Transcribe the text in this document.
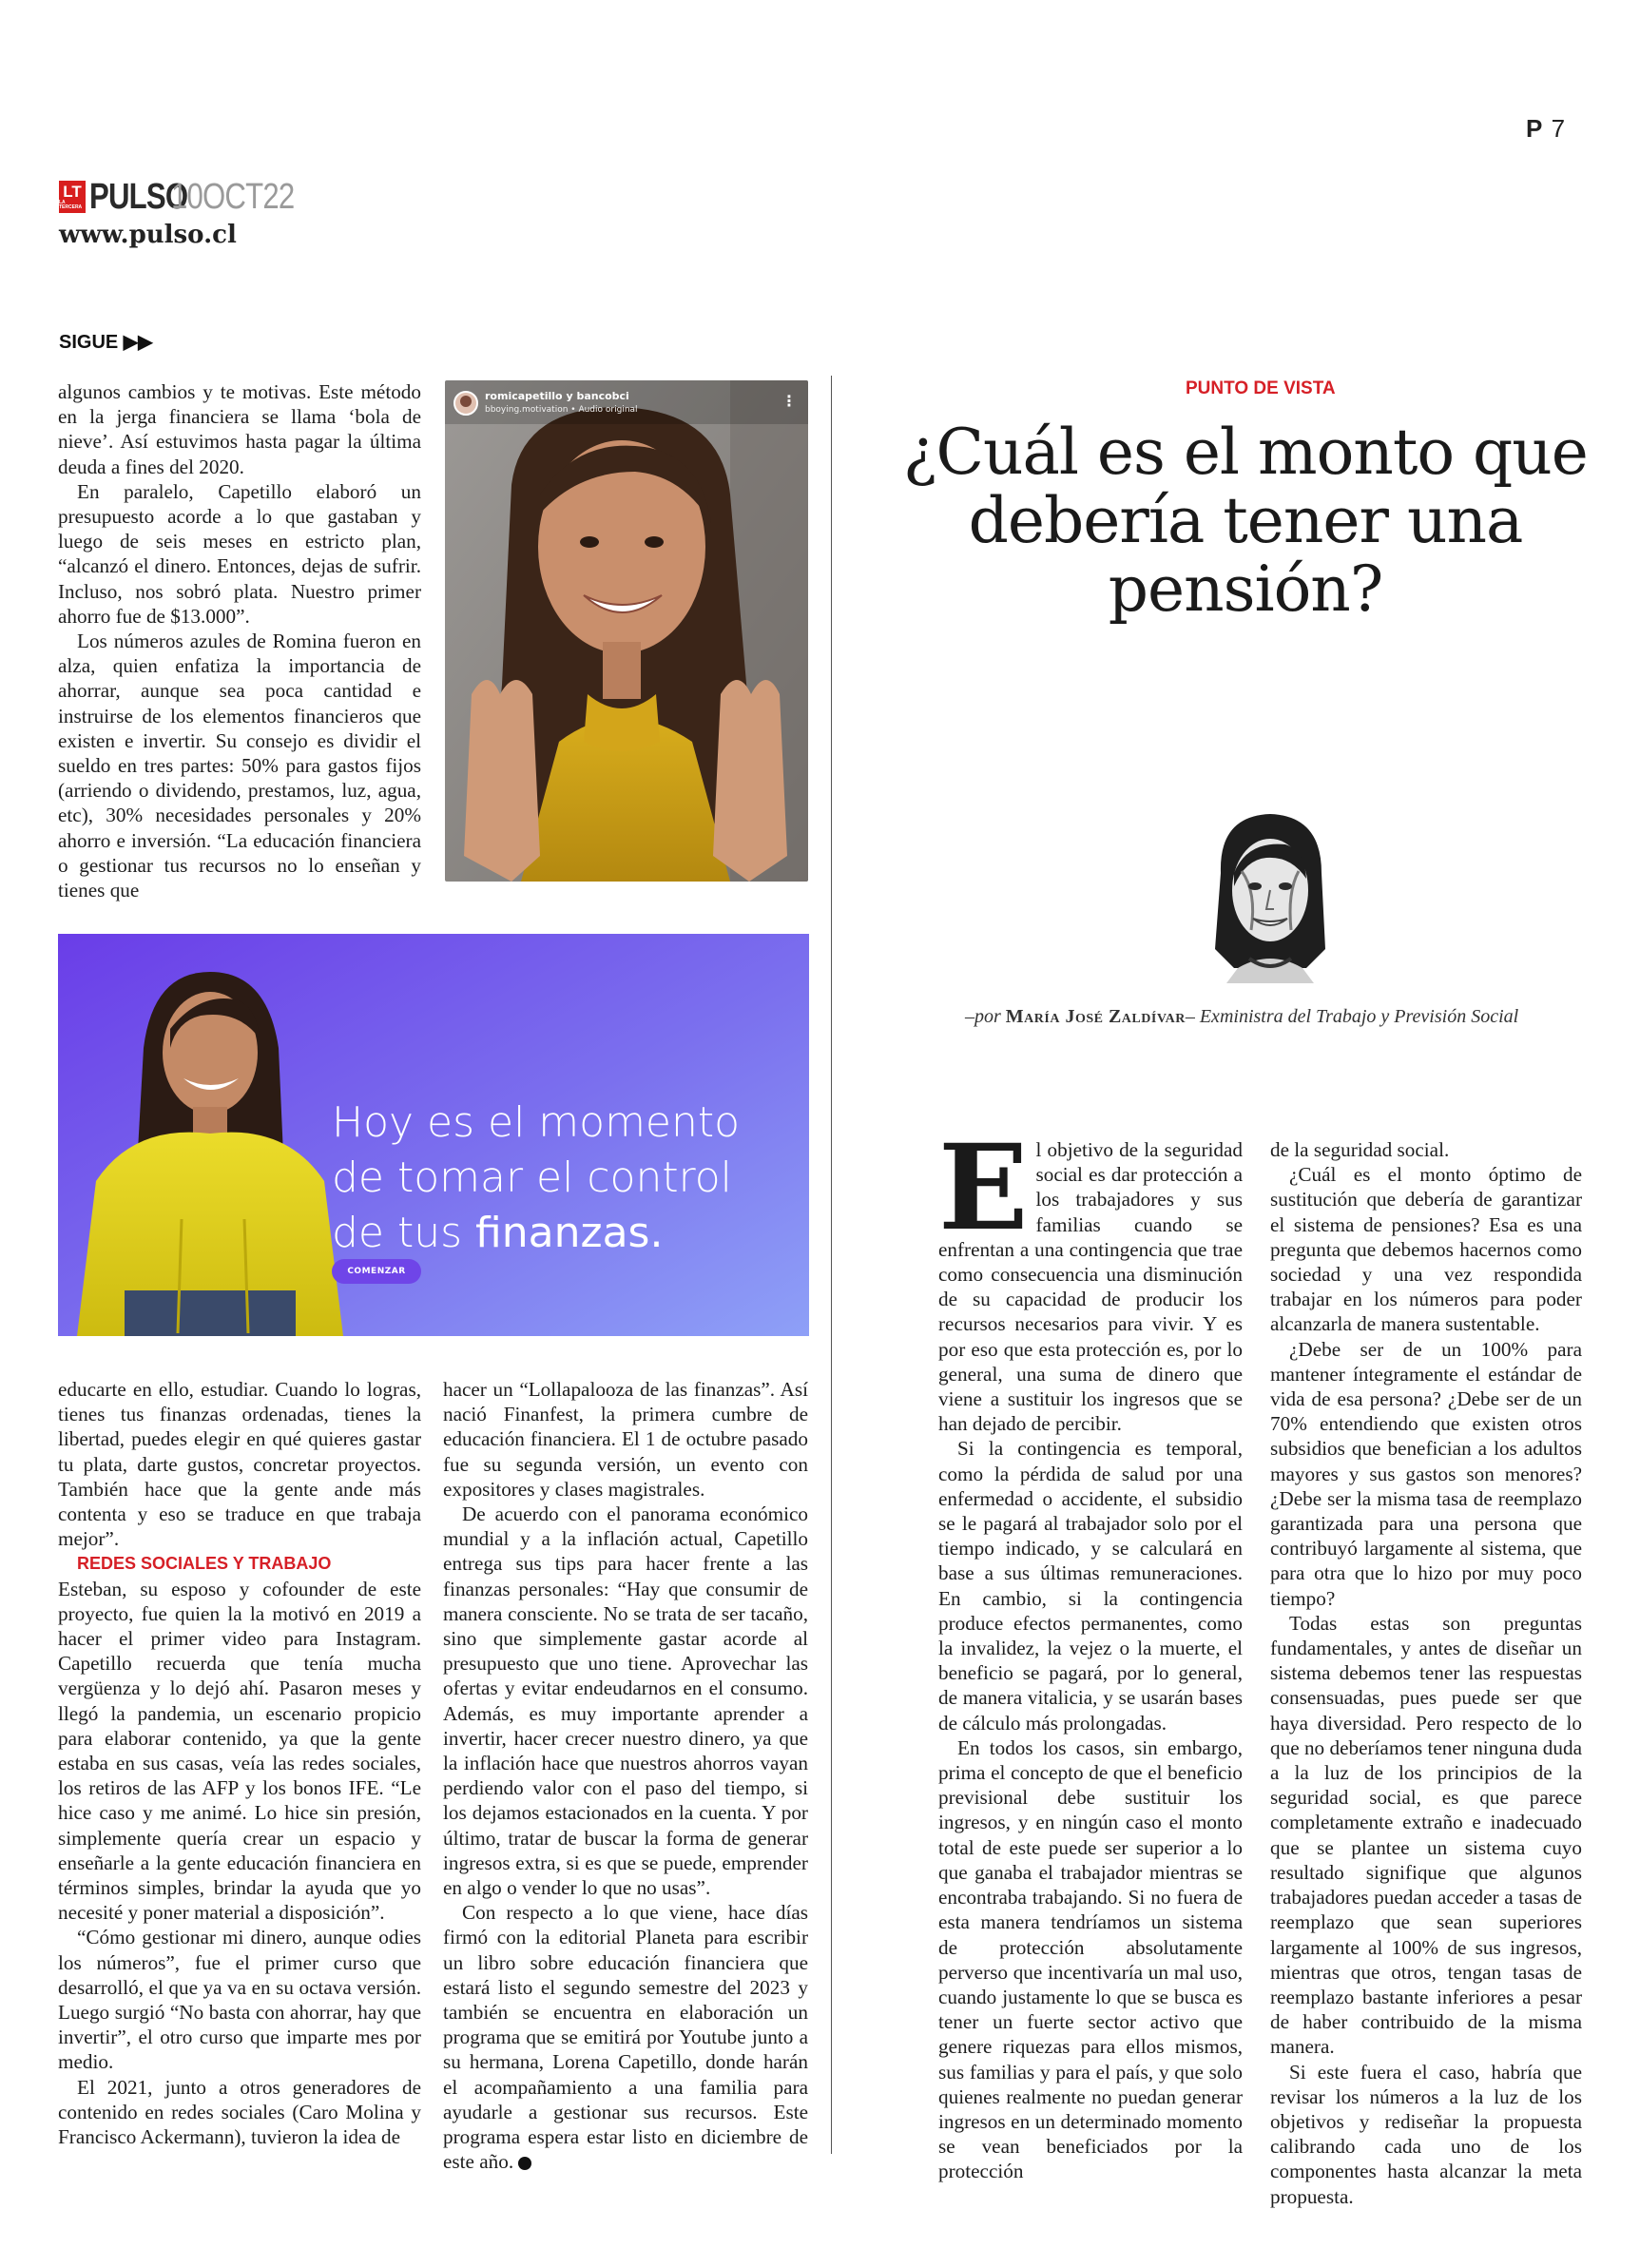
P 7
LT
LA TERCERA PULSO
10OCT22
www.pulso.cl
SIGUE ▶▶

algunos cambios y te motivas. Este método en la jerga financiera se llama ‘bola de nieve’. Así estuvimos hasta pagar la última deuda a fines del 2020.

En paralelo, Capetillo elaboró un presupuesto acorde a lo que gastaban y luego de seis meses en estricto plan, “alcanzó el dinero. Entonces, dejas de sufrir. Incluso, nos sobró plata. Nuestro primer ahorro fue de $13.000”.

Los números azules de Romina fueron en alza, quien enfatiza la importancia de ahorrar, aunque sea poca cantidad e instruirse de los elementos financieros que existen e invertir. Su consejo es dividir el sueldo en tres partes: 50% para gastos fijos (arriendo o dividendo, prestamos, luz, agua, etc), 30% necesidades personales y 20% ahorro e inversión. “La educación financiera o gestionar tus recursos no lo enseñan y tienes que

romicapetillo y bancobci
bboying.motivation • Audio original	⋮
Hoy es el momento
de tomar el control
de tus finanzas.
COMENZAR

educarte en ello, estudiar. Cuando lo logras, tienes tus finanzas ordenadas, tienes la libertad, puedes elegir en qué quieres gastar tu plata, darte gustos, concretar proyectos. También hace que la gente ande más contenta y eso se traduce en que trabaja mejor”.

REDES SOCIALES Y TRABAJO

Esteban, su esposo y cofounder de este proyecto, fue quien la la motivó en 2019 a hacer el primer video para Instagram. Capetillo recuerda que tenía mucha vergüenza y lo dejó ahí. Pasaron meses y llegó la pandemia, un escenario propicio para elaborar contenido, ya que la gente estaba en sus casas, veía las redes sociales, los retiros de las AFP y los bonos IFE. “Le hice caso y me animé. Lo hice sin presión, simplemente quería crear un espacio y enseñarle a la gente educación financiera en términos simples, brindar la ayuda que yo necesité y poner material a disposición”.

“Cómo gestionar mi dinero, aunque odies los números”, fue el primer curso que desarrolló, el que ya va en su octava versión. Luego surgió “No basta con ahorrar, hay que invertir”, el otro curso que imparte mes por medio.

El 2021, junto a otros generadores de contenido en redes sociales (Caro Molina y Francisco Ackermann), tuvieron la idea de

hacer un “Lollapalooza de las finanzas”. Así nació Finanfest, la primera cumbre de educación financiera. El 1 de octubre pasado fue su segunda versión, un evento con expositores y clases magistrales.

De acuerdo con el panorama económico mundial y a la inflación actual, Capetillo entrega sus tips para hacer frente a las finanzas personales: “Hay que consumir de manera consciente. No se trata de ser tacaño, sino que simplemente gastar acorde al presupuesto que uno tiene. Aprovechar las ofertas y evitar endeudarnos en el consumo. Además, es muy importante aprender a invertir, hacer crecer nuestro dinero, ya que la inflación hace que nuestros ahorros vayan perdiendo valor con el paso del tiempo, si los dejamos estacionados en la cuenta. Y por último, tratar de buscar la forma de generar ingresos extra, si es que se puede, emprender en algo o vender lo que no usas”.

Con respecto a lo que viene, hace días firmó con la editorial Planeta para escribir un libro sobre educación financiera que estará listo el segundo semestre del 2023 y también se encuentra en elaboración un programa que se emitirá por Youtube junto a su hermana, Lorena Capetillo, donde harán el acompañamiento a una familia para ayudarle a gestionar sus recursos. Este programa espera estar listo en diciembre de este año.	P

PUNTO DE VISTA
¿Cuál es el monto que debería tener una pensión?
–por María José Zaldívar– Exministra del Trabajo y Previsión Social

El objetivo de la seguridad social es dar protección a los trabajadores y sus familias cuando se enfrentan a una contingencia que trae como consecuencia una disminución de su capacidad de producir los recursos necesarios para vivir. Y es por eso que esta protección es, por lo general, una suma de dinero que viene a sustituir los ingresos que se han dejado de percibir.

Si la contingencia es temporal, como la pérdida de salud por una enfermedad o accidente, el subsidio se le pagará al trabajador solo por el tiempo indicado, y se calculará en base a sus últimas remuneraciones. En cambio, si la contingencia produce efectos permanentes, como la invalidez, la vejez o la muerte, el beneficio se pagará, por lo general, de manera vitalicia, y se usarán bases de cálculo más prolongadas.

En todos los casos, sin embargo, prima el concepto de que el beneficio previsional debe sustituir los ingresos, y en ningún caso el monto total de este puede ser superior a lo que ganaba el trabajador mientras se encontraba trabajando. Si no fuera de esta manera tendríamos un sistema de protección absolutamente perverso que incentivaría un mal uso, cuando justamente lo que se busca es tener un fuerte sector activo que genere riquezas para ellos mismos, sus familias y para el país, y que solo quienes realmente no puedan generar ingresos en un determinado momento se vean beneficiados por la protección

de la seguridad social.

¿Cuál es el monto óptimo de sustitución que debería de garantizar el sistema de pensiones? Esa es una pregunta que debemos hacernos como sociedad y una vez respondida trabajar en los números para poder alcanzarla de manera sustentable.

¿Debe ser de un 100% para mantener íntegramente el estándar de vida de esa persona? ¿Debe ser de un 70% entendiendo que existen otros subsidios que benefician a los adultos mayores y sus gastos son menores? ¿Debe ser la misma tasa de reemplazo garantizada para una persona que contribuyó largamente al sistema, que para otra que lo hizo por muy poco tiempo?

Todas estas son preguntas fundamentales, y antes de diseñar un sistema debemos tener las respuestas consensuadas, pues puede ser que haya diversidad. Pero respecto de lo que no deberíamos tener ninguna duda a la luz de los principios de la seguridad social, es que parece completamente extraño e inadecuado que se plantee un sistema cuyo resultado signifique que algunos trabajadores puedan acceder a tasas de reemplazo que sean superiores largamente al 100% de sus ingresos, mientras que otros, tengan tasas de reemplazo bastante inferiores a pesar de haber contribuido de la misma manera.

Si este fuera el caso, habría que revisar los números a la luz de los objetivos y rediseñar la propuesta calibrando cada uno de los componentes hasta alcanzar la meta propuesta.
